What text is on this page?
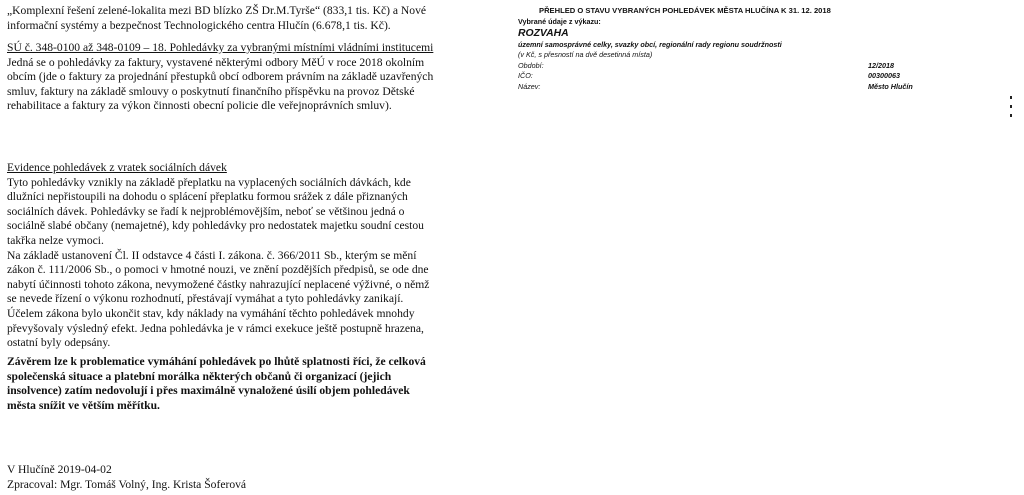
„Komplexní řešení zelené-lokalita mezi BD blízko ZŠ Dr.M.Tyrše“ (833,1 tis. Kč) a Nové

informační systémy a bezpečnost Technologického centra Hlučín (6.678,1 tis. Kč).

SÚ č. 348-0100 až 348-0109 – 18. Pohledávky za vybranými místními vládními institucemi

Jedná se o pohledávky za faktury, vystavené některými odbory MěÚ v roce 2018 okolním obcím (jde o faktury za projednání přestupků obcí odborem právním na základě uzavřených smluv, faktury na základě smlouvy o poskytnutí finančního příspěvku na provoz Dětské rehabilitace a faktury za výkon činnosti obecní policie dle veřejnoprávních smluv).

Evidence pohledávek z vratek sociálních dávek

Tyto pohledávky vznikly na základě přeplatku na vyplacených sociálních dávkách, kde dlužníci nepřistoupili na dohodu o splácení přeplatku formou srážek z dále přiznaných sociálních dávek. Pohledávky se řadí k nejproblémovějším, neboť se většinou jedná o sociálně slabé občany (nemajetné), kdy pohledávky pro nedostatek majetku soudní cestou takřka nelze vymoci.

Na základě ustanovení Čl. II odstavce 4 části I. zákona. č. 366/2011 Sb., kterým se mění zákon č. 111/2006 Sb., o pomoci v hmotné nouzi, ve znění pozdějších předpisů, se ode dne nabytí účinnosti tohoto zákona, nevymožené částky nahrazující neplacené výživné, o němž se nevede řízení o výkonu rozhodnutí, přestávají vymáhat a tyto pohledávky zanikají. Účelem zákona bylo ukončit stav, kdy náklady na vymáhání těchto pohledávek mnohdy převyšovaly výsledný efekt. Jedna pohledávka je v rámci exekuce ještě postupně hrazena, ostatní byly odepsány.

Závěrem lze k problematice vymáhání pohledávek po lhůtě splatnosti říci, že celková společenská situace a platební morálka některých občanů či organizací (jejich insolvence) zatím nedovolují i přes maximálně vynaložené úsilí objem pohledávek města snížit ve větším měřítku.

V Hlučíně 2019-04-02

Zpracoval: Mgr. Tomáš Volný, Ing. Krista Šoferová

PŘEHLED O STAVU VYBRANÝCH POHLEDÁVEK MĚSTA HLUČÍNA K 31. 12. 2018
Vybrané údaje z výkazu:
ROZVAHA
územní samosprávné celky, svazky obcí, regionální rady regionu soudržnosti
(v Kč, s přesností na dvě desetinná místa)
Období:	12/2018
IČO:	00300063
Název:	Město Hlučín
